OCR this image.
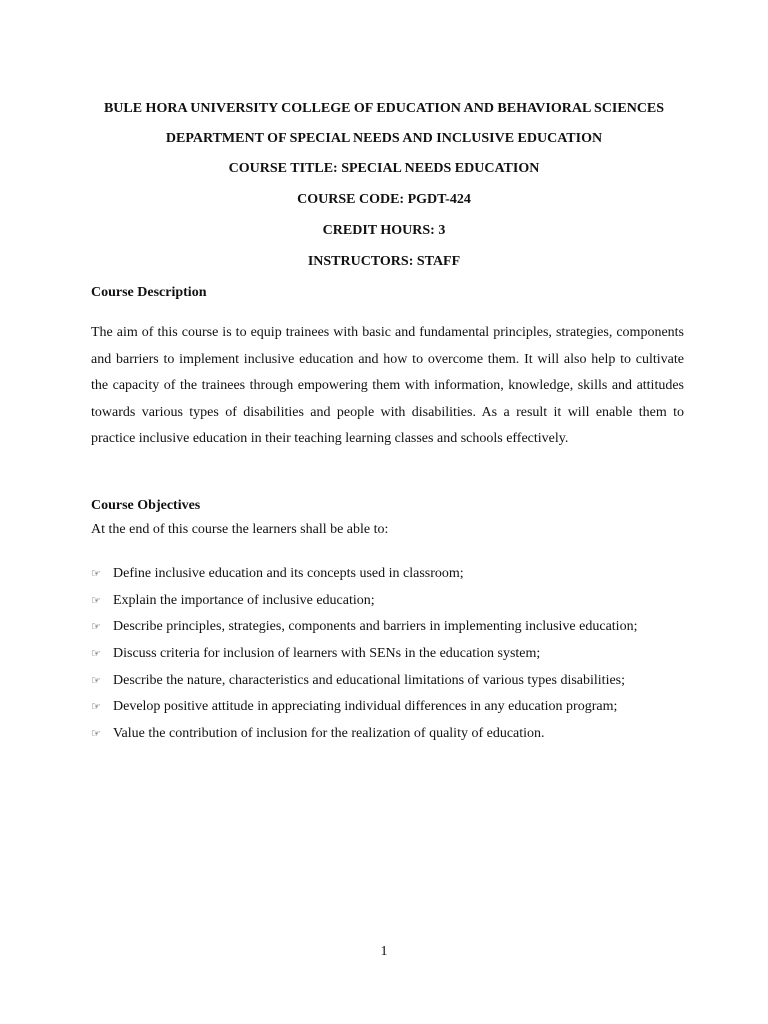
BULE HORA UNIVERSITY COLLEGE OF EDUCATION AND BEHAVIORAL SCIENCES
DEPARTMENT OF SPECIAL NEEDS AND INCLUSIVE EDUCATION
COURSE TITLE: SPECIAL NEEDS EDUCATION
COURSE CODE: PGDT-424
CREDIT HOURS: 3
INSTRUCTORS: STAFF
Course Description

The aim of this course is to equip trainees with basic and fundamental principles, strategies, components and barriers to implement inclusive education and how to overcome them. It will also help to cultivate the capacity of the trainees through empowering them with information, knowledge, skills and attitudes towards various types of disabilities and people with disabilities. As a result it will enable them to practice inclusive education in their teaching learning classes and schools effectively.

Course Objectives
At the end of this course the learners shall be able to:
☞ Define inclusive education and its concepts used in classroom;
☞ Explain the importance of inclusive education;
☞ Describe principles, strategies, components and barriers in implementing inclusive education;
☞ Discuss criteria for inclusion of learners with SENs in the education system;
☞ Describe the nature, characteristics and educational limitations of various types disabilities;
☞ Develop positive attitude in appreciating individual differences in any education program;
☞ Value the contribution of inclusion for the realization of quality of education.
1
